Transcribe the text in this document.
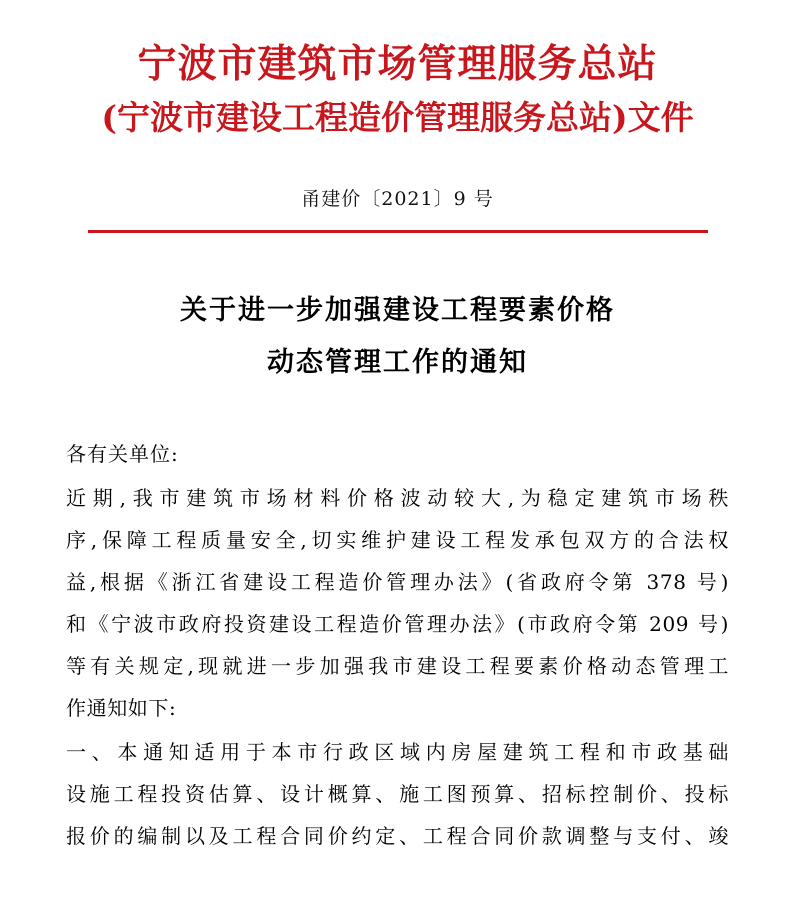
宁波市建筑市场管理服务总站
(宁波市建设工程造价管理服务总站)文件
甬建价〔2021〕9 号
关于进一步加强建设工程要素价格
动态管理工作的通知
各有关单位:
近期,我市建筑市场材料价格波动较大,为稳定建筑市场秩
序,保障工程质量安全,切实维护建设工程发承包双方的合法权
益,根据《浙江省建设工程造价管理办法》(省政府令第 378 号)
和《宁波市政府投资建设工程造价管理办法》(市政府令第 209 号)
等有关规定,现就进一步加强我市建设工程要素价格动态管理工
作通知如下:
一、本通知适用于本市行政区域内房屋建筑工程和市政基础
设施工程投资估算、设计概算、施工图预算、招标控制价、投标
报价的编制以及工程合同价约定、工程合同价款调整与支付、竣
